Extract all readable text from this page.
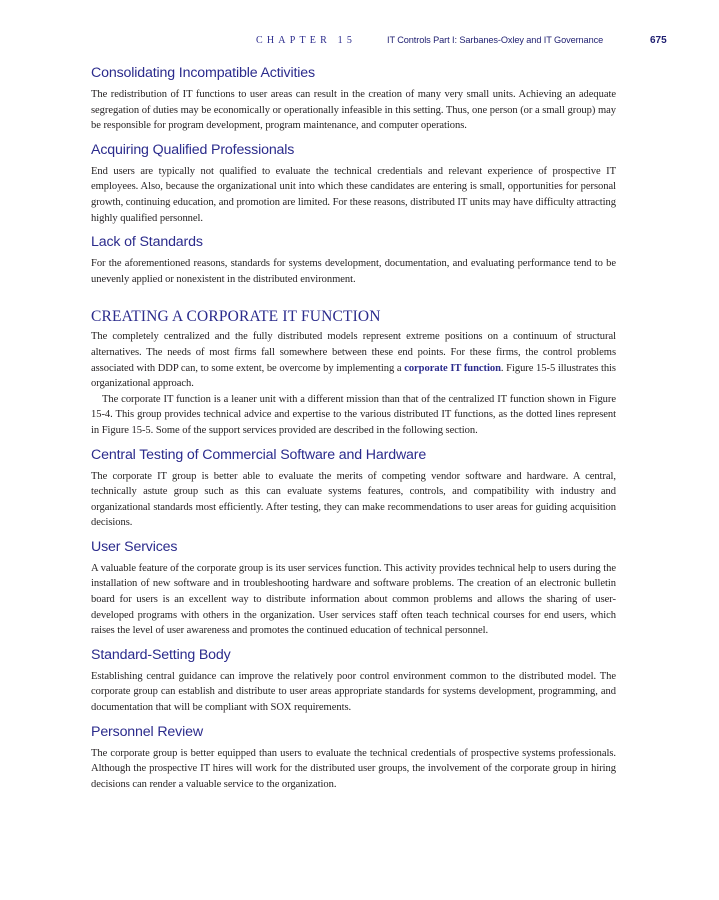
CHAPTER 15	IT Controls Part I: Sarbanes-Oxley and IT Governance	675
Consolidating Incompatible Activities

The redistribution of IT functions to user areas can result in the creation of many very small units. Achieving an adequate segregation of duties may be economically or operationally infeasible in this setting. Thus, one person (or a small group) may be responsible for program development, program maintenance, and computer operations.

Acquiring Qualified Professionals

End users are typically not qualified to evaluate the technical credentials and relevant experience of prospective IT employees. Also, because the organizational unit into which these candidates are entering is small, opportunities for personal growth, continuing education, and promotion are limited. For these reasons, distributed IT units may have difficulty attracting highly qualified personnel.

Lack of Standards

For the aforementioned reasons, standards for systems development, documentation, and evaluating performance tend to be unevenly applied or nonexistent in the distributed environment.

CREATING A CORPORATE IT FUNCTION

The completely centralized and the fully distributed models represent extreme positions on a continuum of structural alternatives. The needs of most firms fall somewhere between these end points. For these firms, the control problems associated with DDP can, to some extent, be overcome by implementing a corporate IT function. Figure 15-5 illustrates this organizational approach.

The corporate IT function is a leaner unit with a different mission than that of the centralized IT function shown in Figure 15-4. This group provides technical advice and expertise to the various distributed IT functions, as the dotted lines represent in Figure 15-5. Some of the support services provided are described in the following section.

Central Testing of Commercial Software and Hardware

The corporate IT group is better able to evaluate the merits of competing vendor software and hardware. A central, technically astute group such as this can evaluate systems features, controls, and compatibility with industry and organizational standards most efficiently. After testing, they can make recommendations to user areas for guiding acquisition decisions.

User Services

A valuable feature of the corporate group is its user services function. This activity provides technical help to users during the installation of new software and in troubleshooting hardware and software problems. The creation of an electronic bulletin board for users is an excellent way to distribute information about common problems and allows the sharing of user-developed programs with others in the organization. User services staff often teach technical courses for end users, which raises the level of user awareness and promotes the continued education of technical personnel.

Standard-Setting Body

Establishing central guidance can improve the relatively poor control environment common to the distributed model. The corporate group can establish and distribute to user areas appropriate standards for systems development, programming, and documentation that will be compliant with SOX requirements.

Personnel Review

The corporate group is better equipped than users to evaluate the technical credentials of prospective systems professionals. Although the prospective IT hires will work for the distributed user groups, the involvement of the corporate group in hiring decisions can render a valuable service to the organization.
